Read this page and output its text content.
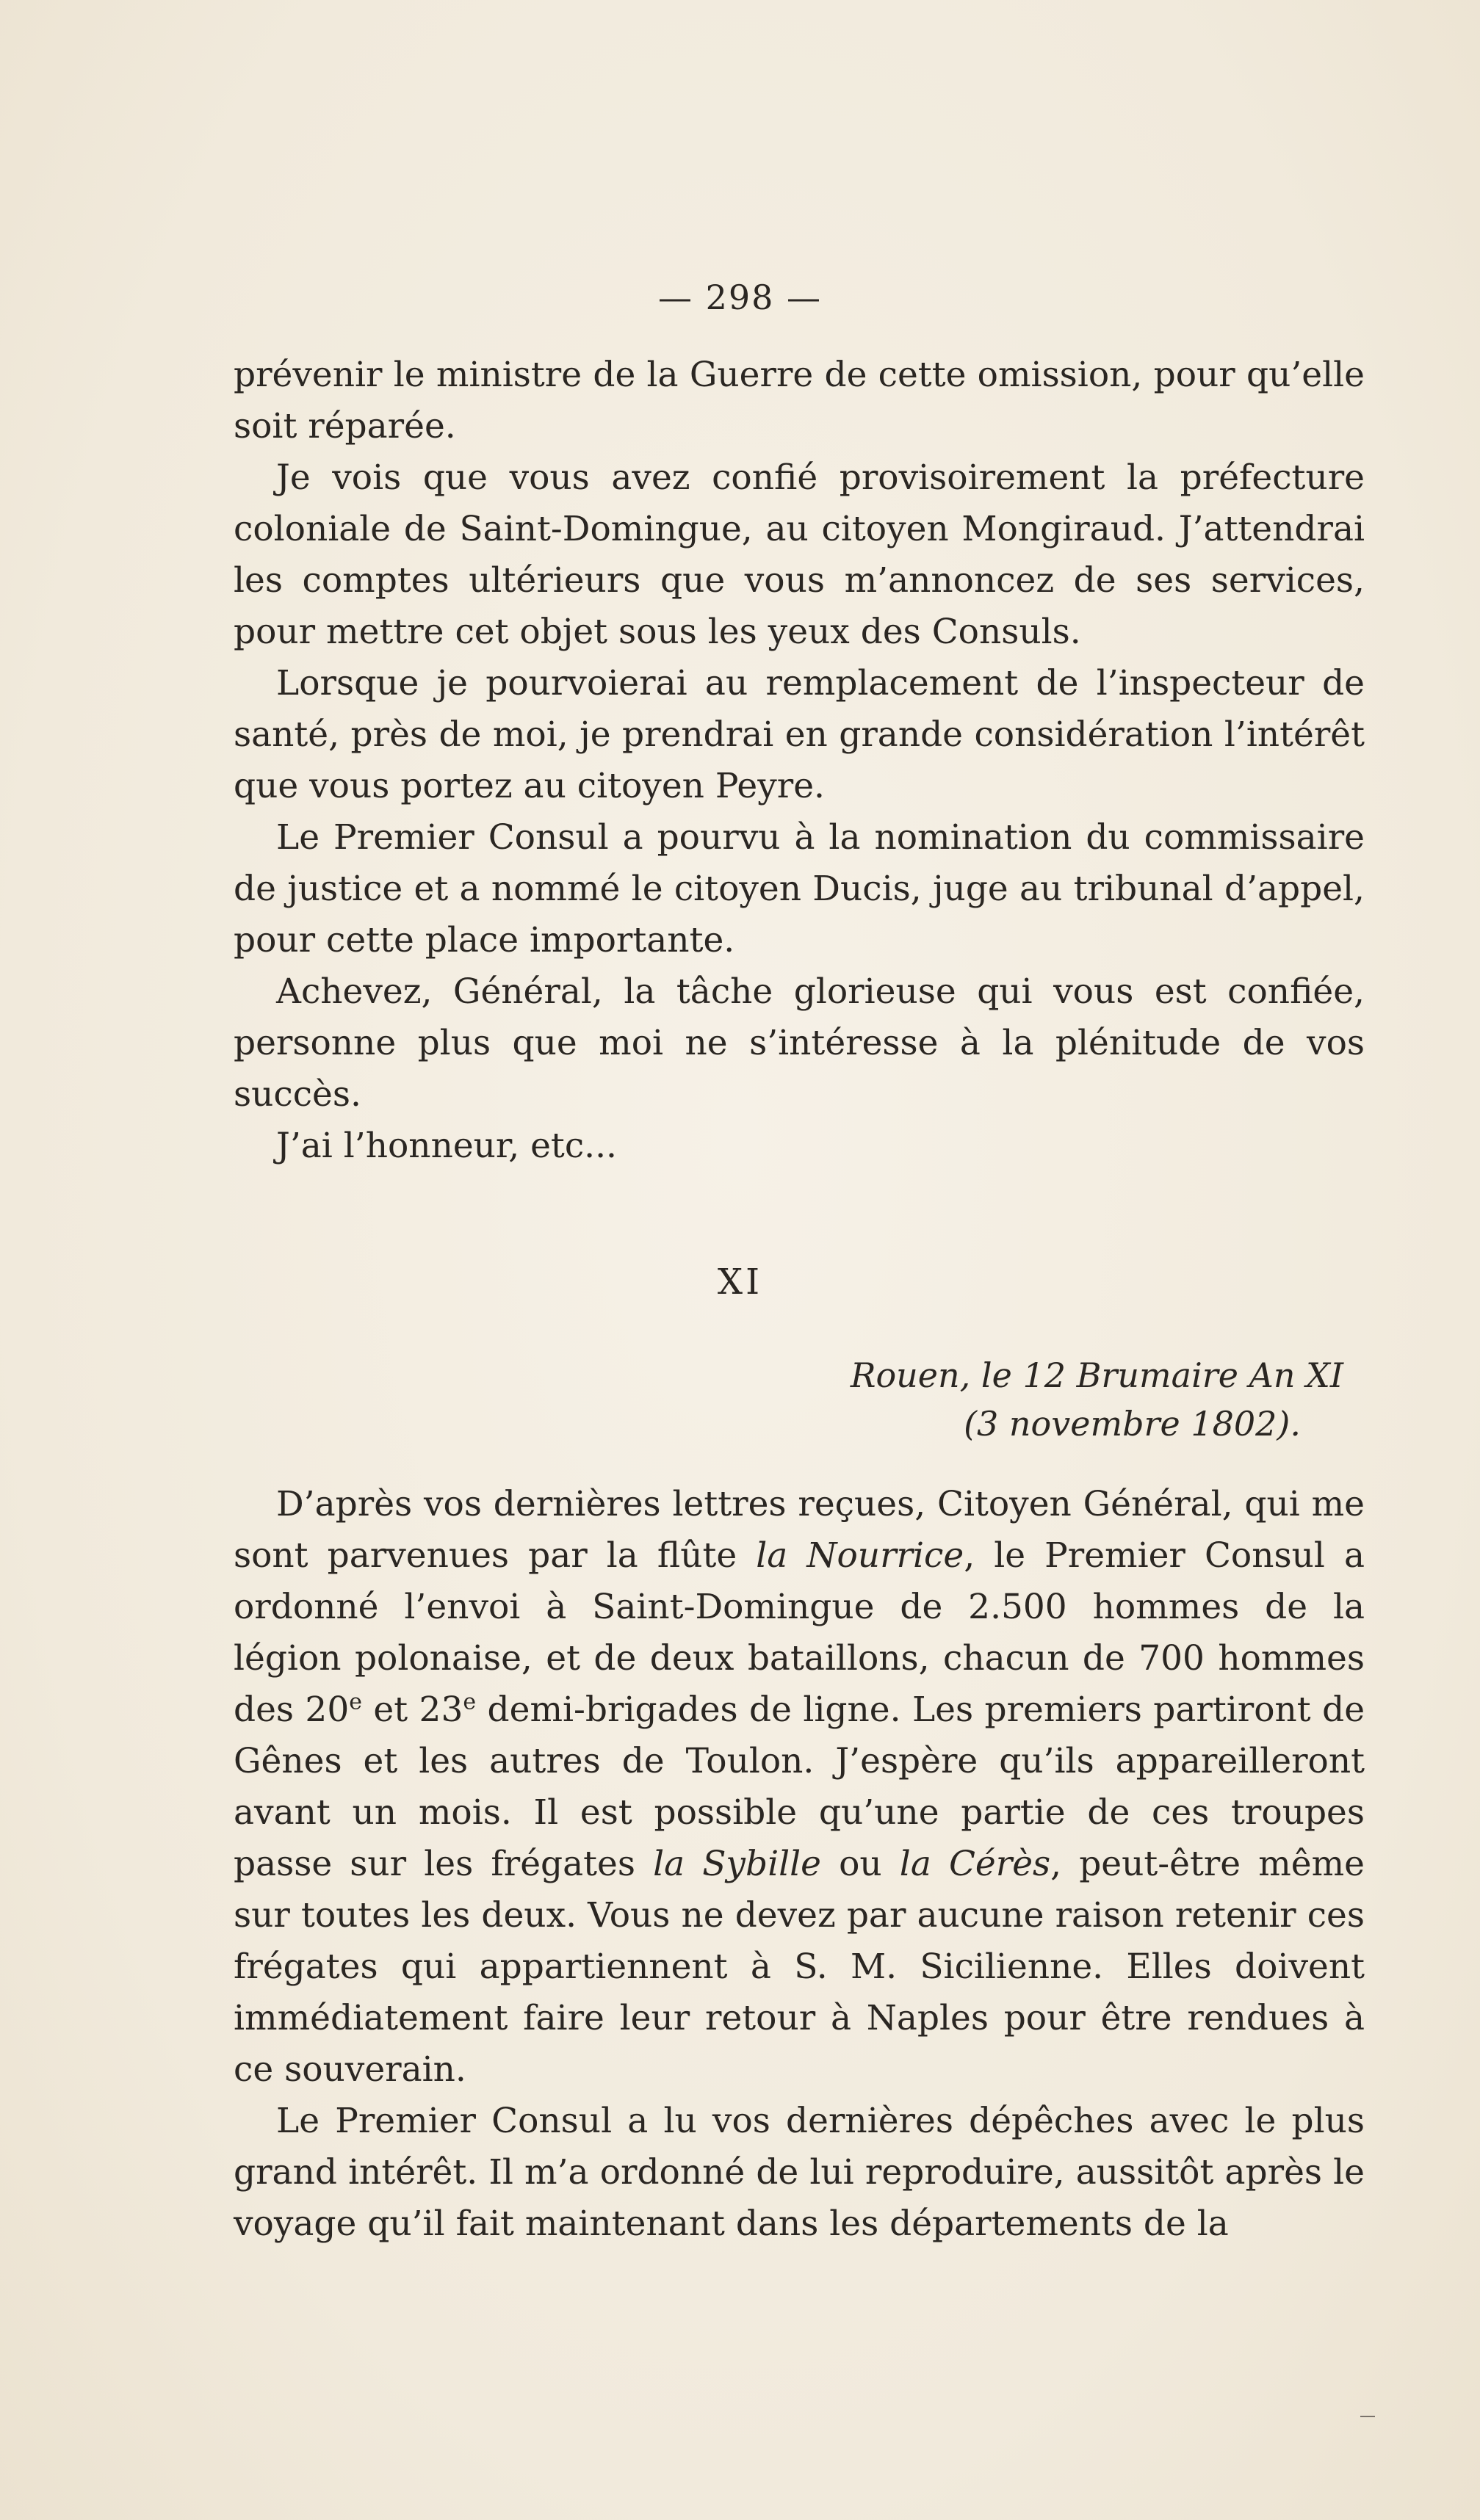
— 298 —

prévenir le ministre de la Guerre de cette omission, pour qu’elle soit réparée.

Je vois que vous avez confié provisoirement la préfecture coloniale de Saint-Domingue, au citoyen Mongiraud. J’attendrai les comptes ultérieurs que vous m’annoncez de ses services, pour mettre cet objet sous les yeux des Consuls.

Lorsque je pourvoierai au remplacement de l’inspecteur de santé, près de moi, je prendrai en grande considération l’intérêt que vous portez au citoyen Peyre.

Le Premier Consul a pourvu à la nomination du commissaire de justice et a nommé le citoyen Ducis, juge au tribunal d’appel, pour cette place importante.

Achevez, Général, la tâche glorieuse qui vous est confiée, personne plus que moi ne s’intéresse à la plénitude de vos succès.

J’ai l’honneur, etc...

XI
Rouen, le 12 Brumaire An XI
(3 novembre 1802).

D’après vos dernières lettres reçues, Citoyen Général, qui me sont parvenues par la flûte la Nourrice, le Premier Consul a ordonné l’envoi à Saint-Domingue de 2.500 hommes de la légion polonaise, et de deux bataillons, chacun de 700 hommes des 20e et 23e demi-brigades de ligne. Les premiers partiront de Gênes et les autres de Toulon. J’espère qu’ils appareilleront avant un mois. Il est possible qu’une partie de ces troupes passe sur les frégates la Sybille ou la Cérès, peut-être même sur toutes les deux. Vous ne devez par aucune raison retenir ces frégates qui appartiennent à S. M. Sicilienne. Elles doivent immédiatement faire leur retour à Naples pour être rendues à ce souverain.

Le Premier Consul a lu vos dernières dépêches avec le plus grand intérêt. Il m’a ordonné de lui reproduire, aussitôt après le voyage qu’il fait maintenant dans les départements de la
